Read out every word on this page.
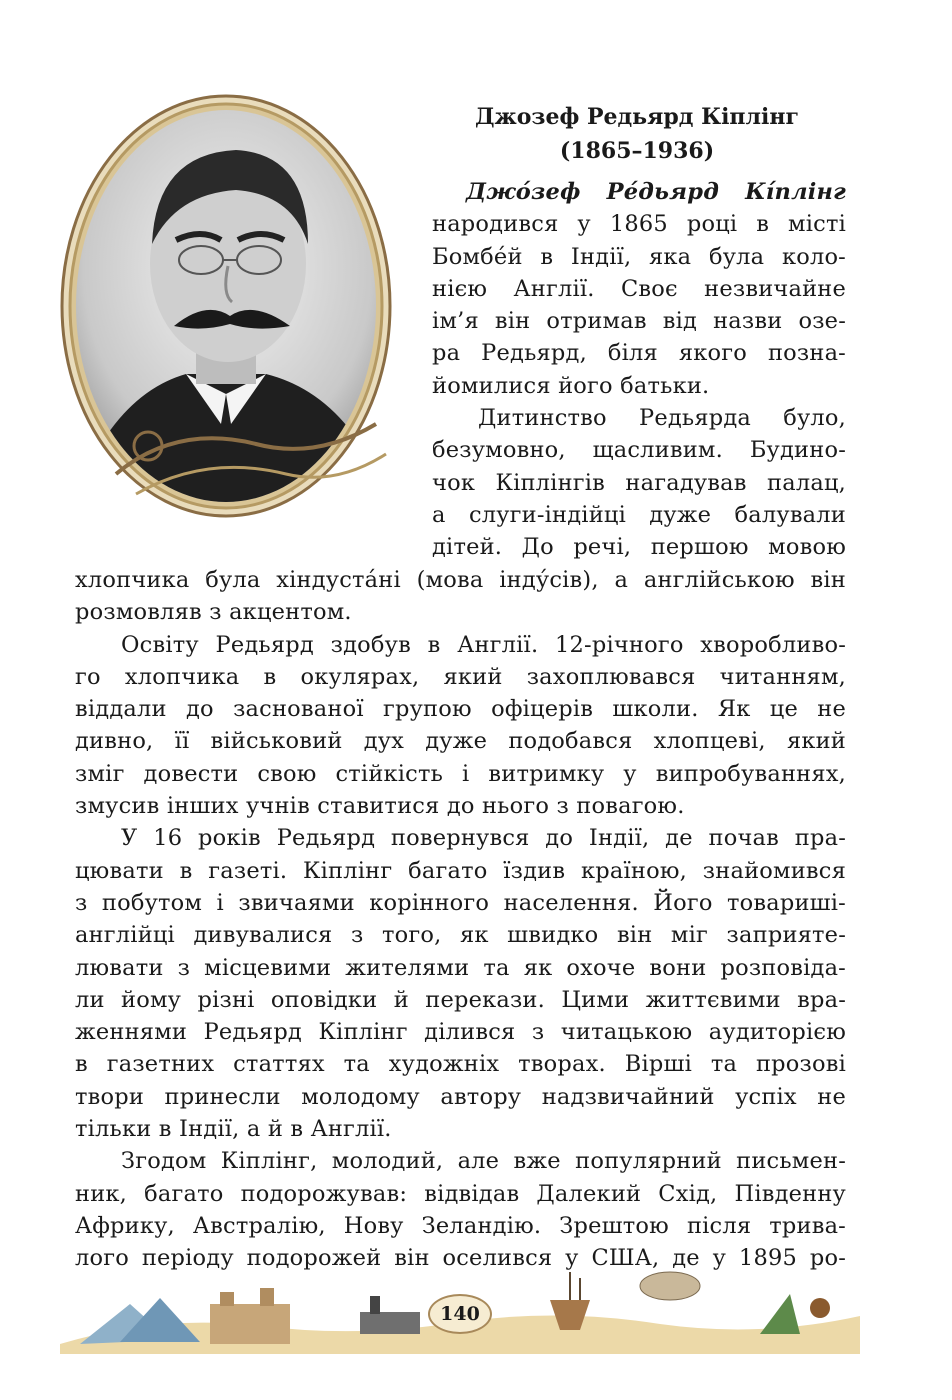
Джозеф Редьярд Кіплінг
(1865–1936)
Джо́зеф Ре́дьярд Кі́плінг
народився у 1865 році в місті
Бомбе́й в Індії, яка була коло-
нією Англії. Своє незвичайне
ім’я він отримав від назви озе-
ра Редьярд, біля якого позна-
йомилися його батьки.
Дитинство Редьярда було,
безумовно, щасливим. Будино-
чок Кіплінгів нагадував палац,
а слуги-індійці дуже балували
дітей. До речі, першою мовою
хлопчика була хіндуста́ні (мова інду́сів), а англійською він
розмовляв з акцентом.
Освіту Редьярд здобув в Англії. 12-річного хворобливо-
го хлопчика в окулярах, який захоплювався читанням,
віддали до заснованої групою офіцерів школи. Як це не
дивно, її військовий дух дуже подобався хлопцеві, який
зміг довести свою стійкість і витримку у випробуваннях,
змусив інших учнів ставитися до нього з повагою.
У 16 років Редьярд повернувся до Індії, де почав пра-
цювати в газеті. Кіплінг багато їздив країною, знайомився
з побутом і звичаями корінного населення. Його товариші-
англійці дивувалися з того, як швидко він міг заприяте-
лювати з місцевими жителями та як охоче вони розповіда-
ли йому різні оповідки й перекази. Цими життєвими вра-
женнями Редьярд Кіплінг ділився з читацькою аудиторією
в газетних статтях та художніх творах. Вірші та прозові
твори принесли молодому автору надзвичайний успіх не
тільки в Індії, а й в Англії.
Згодом Кіплінг, молодий, але вже популярний письмен-
ник, багато подорожував: відвідав Далекий Схід, Південну
Африку, Австралію, Нову Зеландію. Зрештою після трива-
лого періоду подорожей він оселився у США, де у 1895 ро-
140
